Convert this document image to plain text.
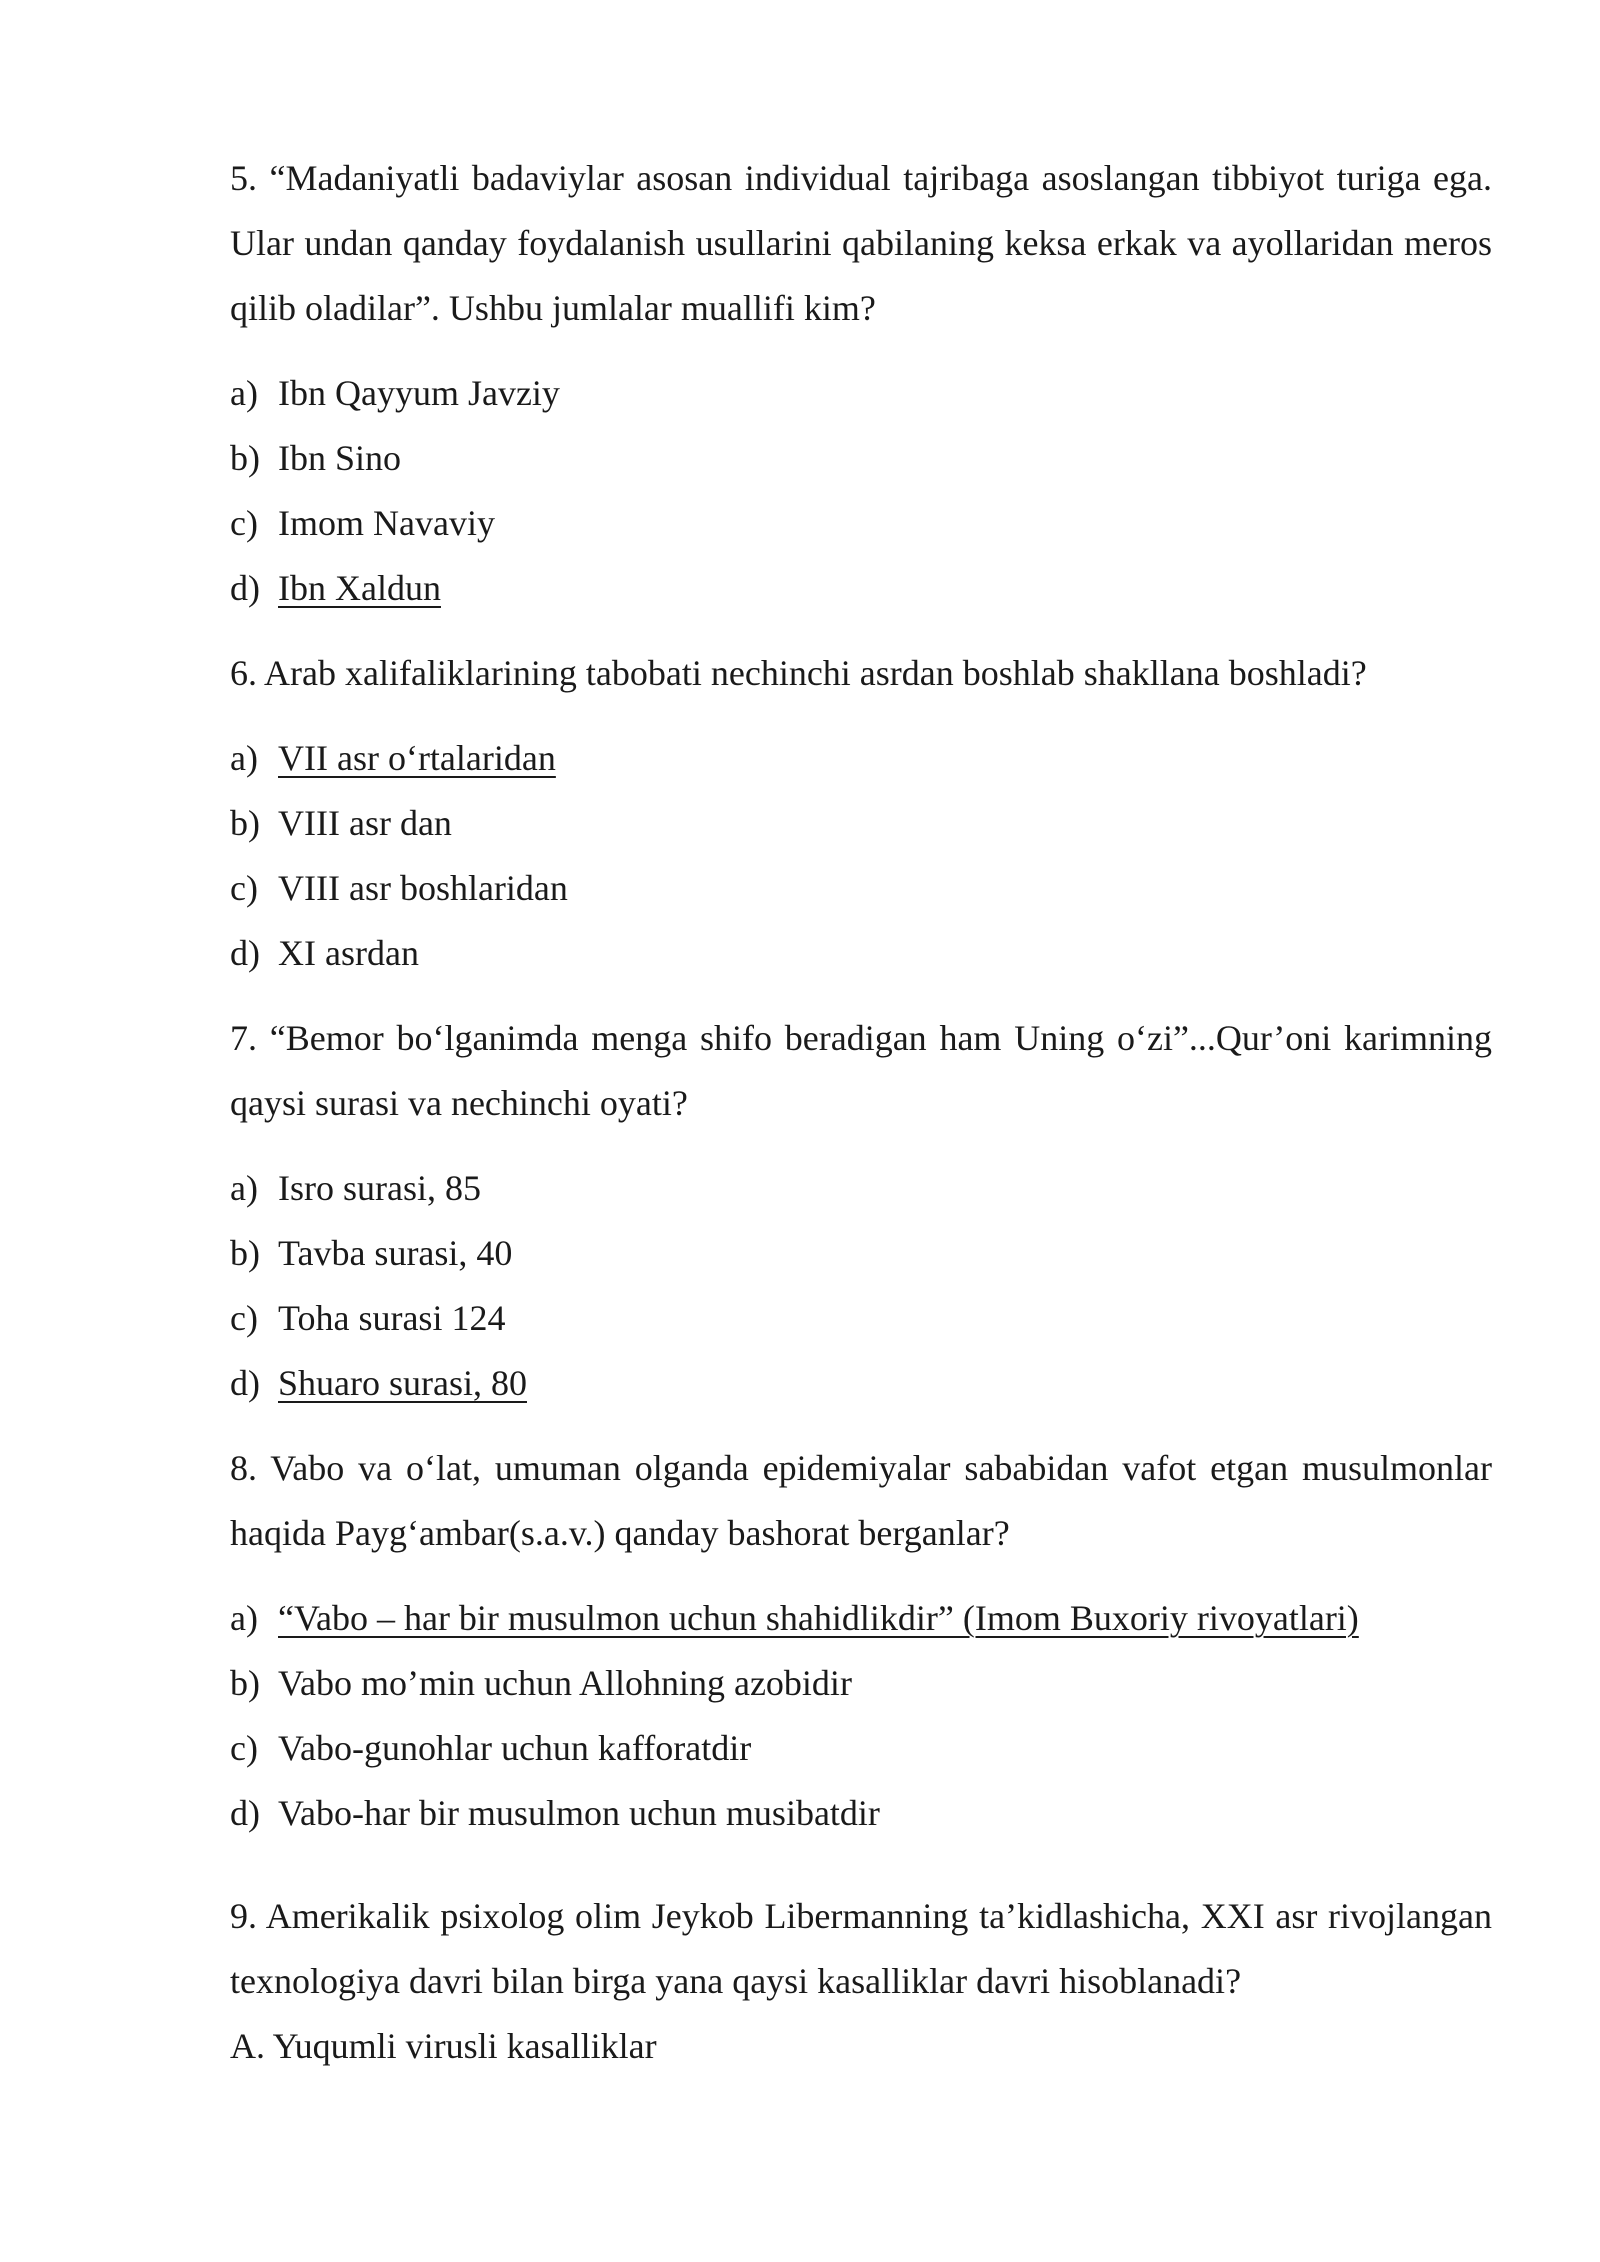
5. “Madaniyatli badaviylar asosan individual tajribaga asoslangan tibbiyot turiga ega. Ular undan qanday foydalanish usullarini qabilaning keksa erkak va ayollaridan meros qilib oladilar”. Ushbu jumlalar muallifi kim?

a) Ibn Qayyum Javziy
b) Ibn Sino
c) Imom Navaviy
d) Ibn Xaldun

6. Arab xalifaliklarining tabobati nechinchi asrdan boshlab shakllana boshladi?

a) VII asr o‘rtalaridan
b) VIII asr dan
c) VIII asr boshlaridan
d) XI asrdan

7. “Bemor bo‘lganimda menga shifo beradigan ham Uning o‘zi”...Qur’oni karimning qaysi surasi va nechinchi oyati?

a) Isro surasi, 85
b) Tavba surasi, 40
c) Toha surasi 124
d) Shuaro surasi, 80

8. Vabo va o‘lat, umuman olganda epidemiyalar sababidan vafot etgan musulmonlar haqida Payg‘ambar(s.a.v.) qanday bashorat berganlar?

a) “Vabo – har bir musulmon uchun shahidlikdir” (Imom Buxoriy rivoyatlari)
b) Vabo mo’min uchun Allohning azobidir
c) Vabo-gunohlar uchun kafforatdir
d) Vabo-har bir musulmon uchun musibatdir

9. Amerikalik psixolog olim Jeykob Libermanning ta’kidlashicha, XXI asr rivojlangan texnologiya davri bilan birga yana qaysi kasalliklar davri hisoblanadi?

A. Yuqumli virusli kasalliklar
